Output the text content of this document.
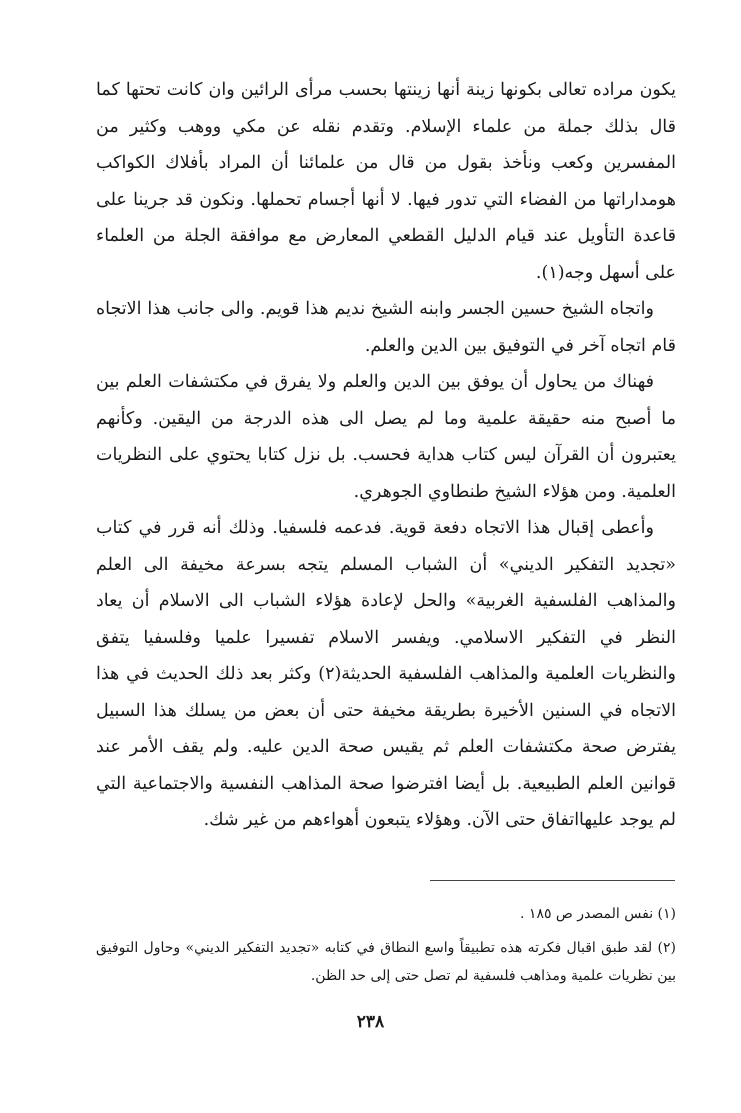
يكون مراده تعالى بكونها زينة أنها زينتها بحسب مرأى الرائين وان كانت تحتها كما قال بذلك جملة من علماء الإسلام. وتقدم نقله عن مكي ووهب وكثير من المفسرين وكعب ونأخذ بقول من قال من علمائنا أن المراد بأفلاك الكواكب هومداراتها من الفضاء التي تدور فيها. لا أنها أجسام تحملها. ونكون قد جرينا على قاعدة التأويل عند قيام الدليل القطعي المعارض مع موافقة الجلة من العلماء على أسهل وجه(١).

واتجاه الشيخ حسين الجسر وابنه الشيخ نديم هذا قويم. والى جانب هذا الاتجاه قام اتجاه آخر في التوفيق بين الدين والعلم.

فهناك من يحاول أن يوفق بين الدين والعلم ولا يفرق في مكتشفات العلم بين ما أصبح منه حقيقة علمية وما لم يصل الى هذه الدرجة من اليقين. وكأنهم يعتبرون أن القرآن ليس كتاب هداية فحسب. بل نزل كتابا يحتوي على النظريات العلمية. ومن هؤلاء الشيخ طنطاوي الجوهري.

وأعطى إقبال هذا الاتجاه دفعة قوية. فدعمه فلسفيا. وذلك أنه قرر في كتاب «تجديد التفكير الديني» أن الشباب المسلم يتجه بسرعة مخيفة الى العلم والمذاهب الفلسفية الغربية» والحل لإعادة هؤلاء الشباب الى الاسلام أن يعاد النظر في التفكير الاسلامي. ويفسر الاسلام تفسيرا علميا وفلسفيا يتفق والنظريات العلمية والمذاهب الفلسفية الحديثة(٢) وكثر بعد ذلك الحديث في هذا الاتجاه في السنين الأخيرة بطريقة مخيفة حتى أن بعض من يسلك هذا السبيل يفترض صحة مكتشفات العلم ثم يقيس صحة الدين عليه. ولم يقف الأمر عند قوانين العلم الطبيعية. بل أيضا افترضوا صحة المذاهب النفسية والاجتماعية التي لم يوجد عليهااتفاق حتى الآن. وهؤلاء يتبعون أهواءهم من غير شك.

(١) نفس المصدر ص ١٨٥ .

(٢) لقد طبق اقبال فكرته هذه تطبيقاً واسع النطاق في كتابه «تجديد التفكير الديني» وحاول التوفيق بين نظريات علمية ومذاهب فلسفية لم تصل حتى إلى حد الظن.

٢٣٨
